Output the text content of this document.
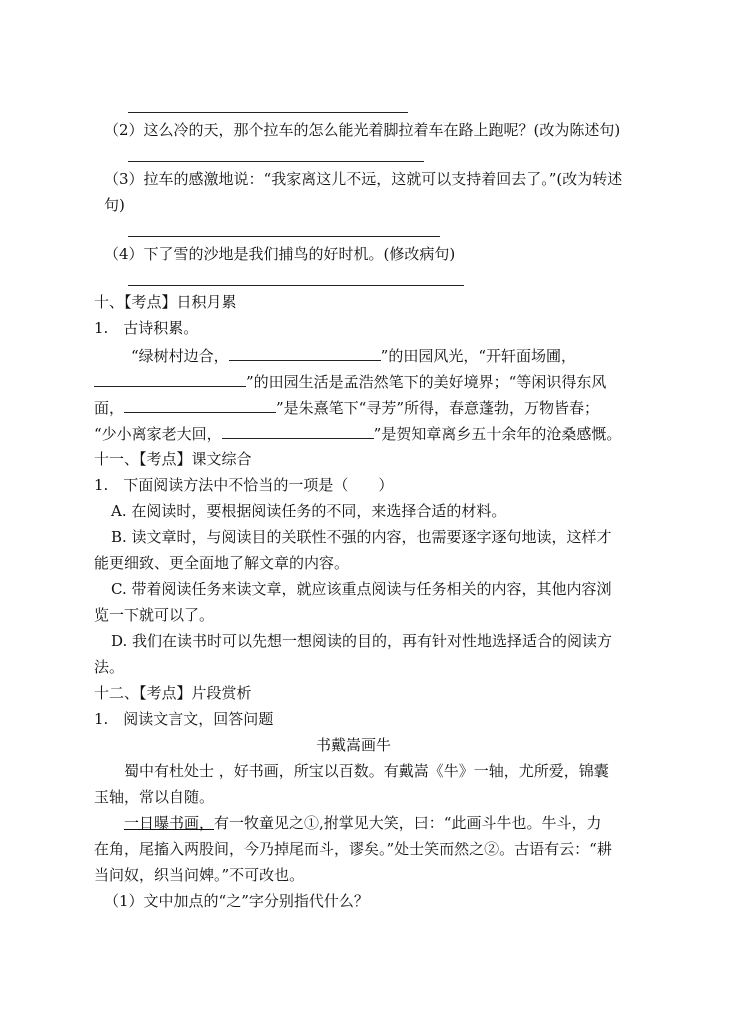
（2）这么冷的天，那个拉车的怎么能光着脚拉着车在路上跑呢？(改为陈述句)
（3）拉车的感激地说：“我家离这儿不远，这就可以支持着回去了。”(改为转述
句)
（4）下了雪的沙地是我们捕鸟的好时机。(修改病句)
十、【考点】日积月累
1.　古诗积累。
“绿树村边合，	”的田园风光，“开轩面场圃，
”的田园生活是孟浩然笔下的美好境界；“等闲识得东风
面，	”是朱熹笔下“寻芳”所得，春意蓬勃，万物皆春；
“少小离家老大回，	”是贺知章离乡五十余年的沧桑感慨。
十一、【考点】课文综合
1.　下面阅读方法中不恰当的一项是（　　）
A. 在阅读时，要根据阅读任务的不同，来选择合适的材料。
B. 读文章时，与阅读目的关联性不强的内容，也需要逐字逐句地读，这样才
能更细致、更全面地了解文章的内容。
C. 带着阅读任务来读文章，就应该重点阅读与任务相关的内容，其他内容浏
览一下就可以了。
D. 我们在读书时可以先想一想阅读的目的，再有针对性地选择适合的阅读方
法。
十二、【考点】片段赏析
1.　阅读文言文，回答问题
书戴嵩画牛
蜀中有杜处士 ，好书画，所宝以百数。有戴嵩《牛》一轴，尤所爱，锦囊
玉轴，常以自随。
一日曝书画，有一牧童见之①,拊掌见大笑，曰：“此画斗牛也。牛斗，力
在角，尾搐入两股间，今乃掉尾而斗，谬矣。”处士笑而然之②。古语有云：“耕
当问奴，织当问婢。”不可改也。
（1）文中加点的“之”字分别指代什么？
